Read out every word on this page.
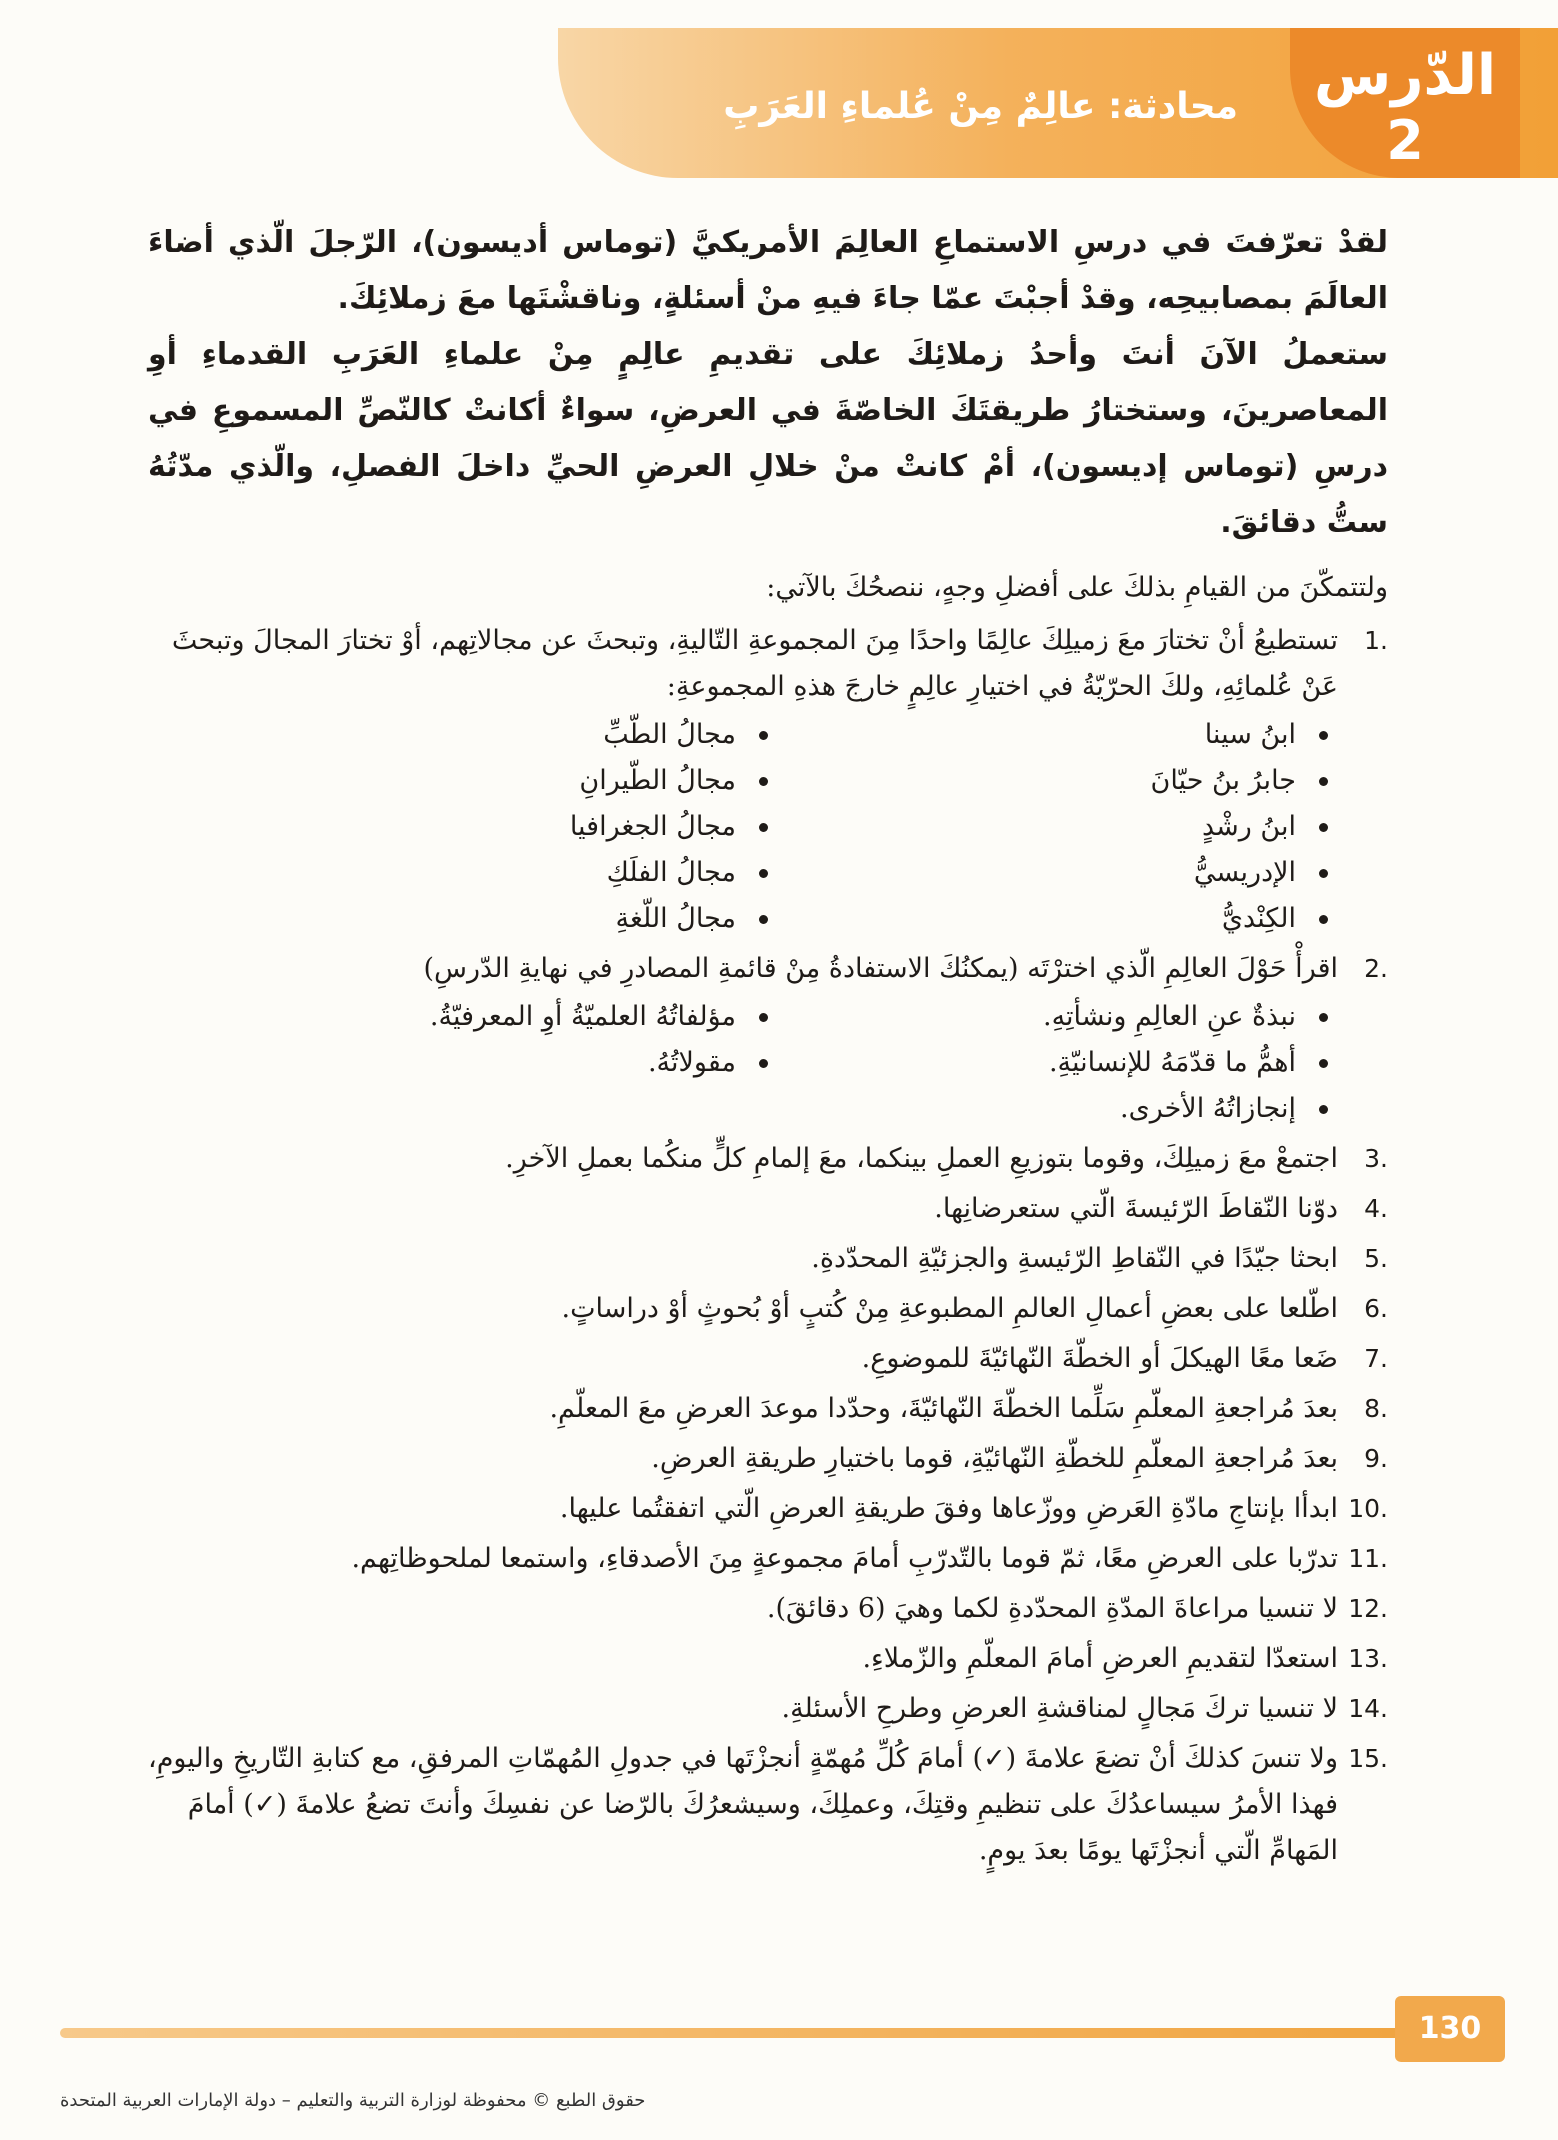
الدّرس
2
محادثة: عالِمٌ مِنْ عُلماءِ العَرَبِ

لقدْ تعرّفتَ في درسِ الاستماعِ العالِمَ الأمريكيَّ (توماس أديسون)، الرّجلَ الّذي أضاءَ العالَمَ بمصابيحِه، وقدْ أجبْتَ عمّا جاءَ فيهِ منْ أسئلةٍ، وناقشْتَها معَ زملائِكَ.

ستعملُ الآنَ أنتَ وأحدُ زملائِكَ على تقديمِ عالِمٍ مِنْ علماءِ العَرَبِ القدماءِ أوِ المعاصرينَ، وستختارُ طريقتَكَ الخاصّةَ في العرضِ، سواءٌ أكانتْ كالنّصِّ المسموعِ في درسِ (توماس إديسون)، أمْ كانتْ منْ خلالِ العرضِ الحيِّ داخلَ الفصلِ، والّذي مدّتُهُ ستُّ دقائقَ.

ولتتمكّنَ من القيامِ بذلكَ على أفضلِ وجهٍ، ننصحُكَ بالآتي:

.1
تستطيعُ أنْ تختارَ معَ زميلِكَ عالِمًا واحدًا مِنَ المجموعةِ التّاليةِ، وتبحثَ عن مجالاتِهم، أوْ تختارَ المجالَ وتبحثَ عَنْ عُلمائِهِ، ولكَ الحرّيّةُ في اختيارِ عالِمٍ خارجَ هذهِ المجموعةِ:
ابنُ سينا
جابرُ بنُ حيّانَ
ابنُ رشْدٍ
الإدريسيُّ
الكِنْديُّ
مجالُ الطّبِّ
مجالُ الطّيرانِ
مجالُ الجغرافيا
مجالُ الفلَكِ
مجالُ اللّغةِ
.2
اقرأْ حَوْلَ العالِمِ الّذي اخترْتَه (يمكنُكَ الاستفادةُ مِنْ قائمةِ المصادرِ في نهايةِ الدّرسِ)
نبذةٌ عنِ العالِمِ ونشأتِهِ.
أهمُّ ما قدّمَهُ للإنسانيّةِ.
إنجازاتُهُ الأخرى.
مؤلفاتُهُ العلميّةُ أوِ المعرفيّةُ.
مقولاتُهُ.
.3
اجتمعْ معَ زميلِكَ، وقوما بتوزيعِ العملِ بينكما، معَ إلمامِ كلٍّ منكُما بعملِ الآخرِ.
.4
دوّنا النّقاطَ الرّئيسةَ الّتي ستعرضانِها.
.5
ابحثا جيّدًا في النّقاطِ الرّئيسةِ والجزئيّةِ المحدّدةِ.
.6
اطّلعا على بعضِ أعمالِ العالمِ المطبوعةِ مِنْ كُتبٍ أوْ بُحوثٍ أوْ دراساتٍ.
.7
ضَعا معًا الهيكلَ أو الخطّةَ النّهائيّةَ للموضوعِ.
.8
بعدَ مُراجعةِ المعلّمِ سَلِّما الخطّةَ النّهائيّةَ، وحدّدا موعدَ العرضِ معَ المعلّمِ.
.9
بعدَ مُراجعةِ المعلّمِ للخطّةِ النّهائيّةِ، قوما باختيارِ طريقةِ العرضِ.
.10
ابدأا بإنتاجِ مادّةِ العَرضِ ووزّعاها وفقَ طريقةِ العرضِ الّتي اتفقتُما عليها.
.11
تدرّبا على العرضِ معًا، ثمّ قوما بالتّدرّبِ أمامَ مجموعةٍ مِنَ الأصدقاءِ، واستمعا لملحوظاتِهم.
.12
لا تنسيا مراعاةَ المدّةِ المحدّدةِ لكما وهيَ (6 دقائقَ).
.13
استعدّا لتقديمِ العرضِ أمامَ المعلّمِ والزّملاءِ.
.14
لا تنسيا تركَ مَجالٍ لمناقشةِ العرضِ وطرحِ الأسئلةِ.
.15
ولا تنسَ كذلكَ أنْ تضعَ علامةَ (✓) أمامَ كُلِّ مُهمّةٍ أنجزْتَها في جدولِ المُهمّاتِ المرفقِ، مع كتابةِ التّاريخِ واليومِ، فهذا الأمرُ سيساعدُكَ على تنظيمِ وقتِكَ، وعملِكَ، وسيشعرُكَ بالرّضا عن نفسِكَ وأنتَ تضعُ علامةَ (✓) أمامَ المَهامِّ الّتي أنجزْتَها يومًا بعدَ يومٍ.
130
حقوق الطبع © محفوظة لوزارة التربية والتعليم – دولة الإمارات العربية المتحدة
